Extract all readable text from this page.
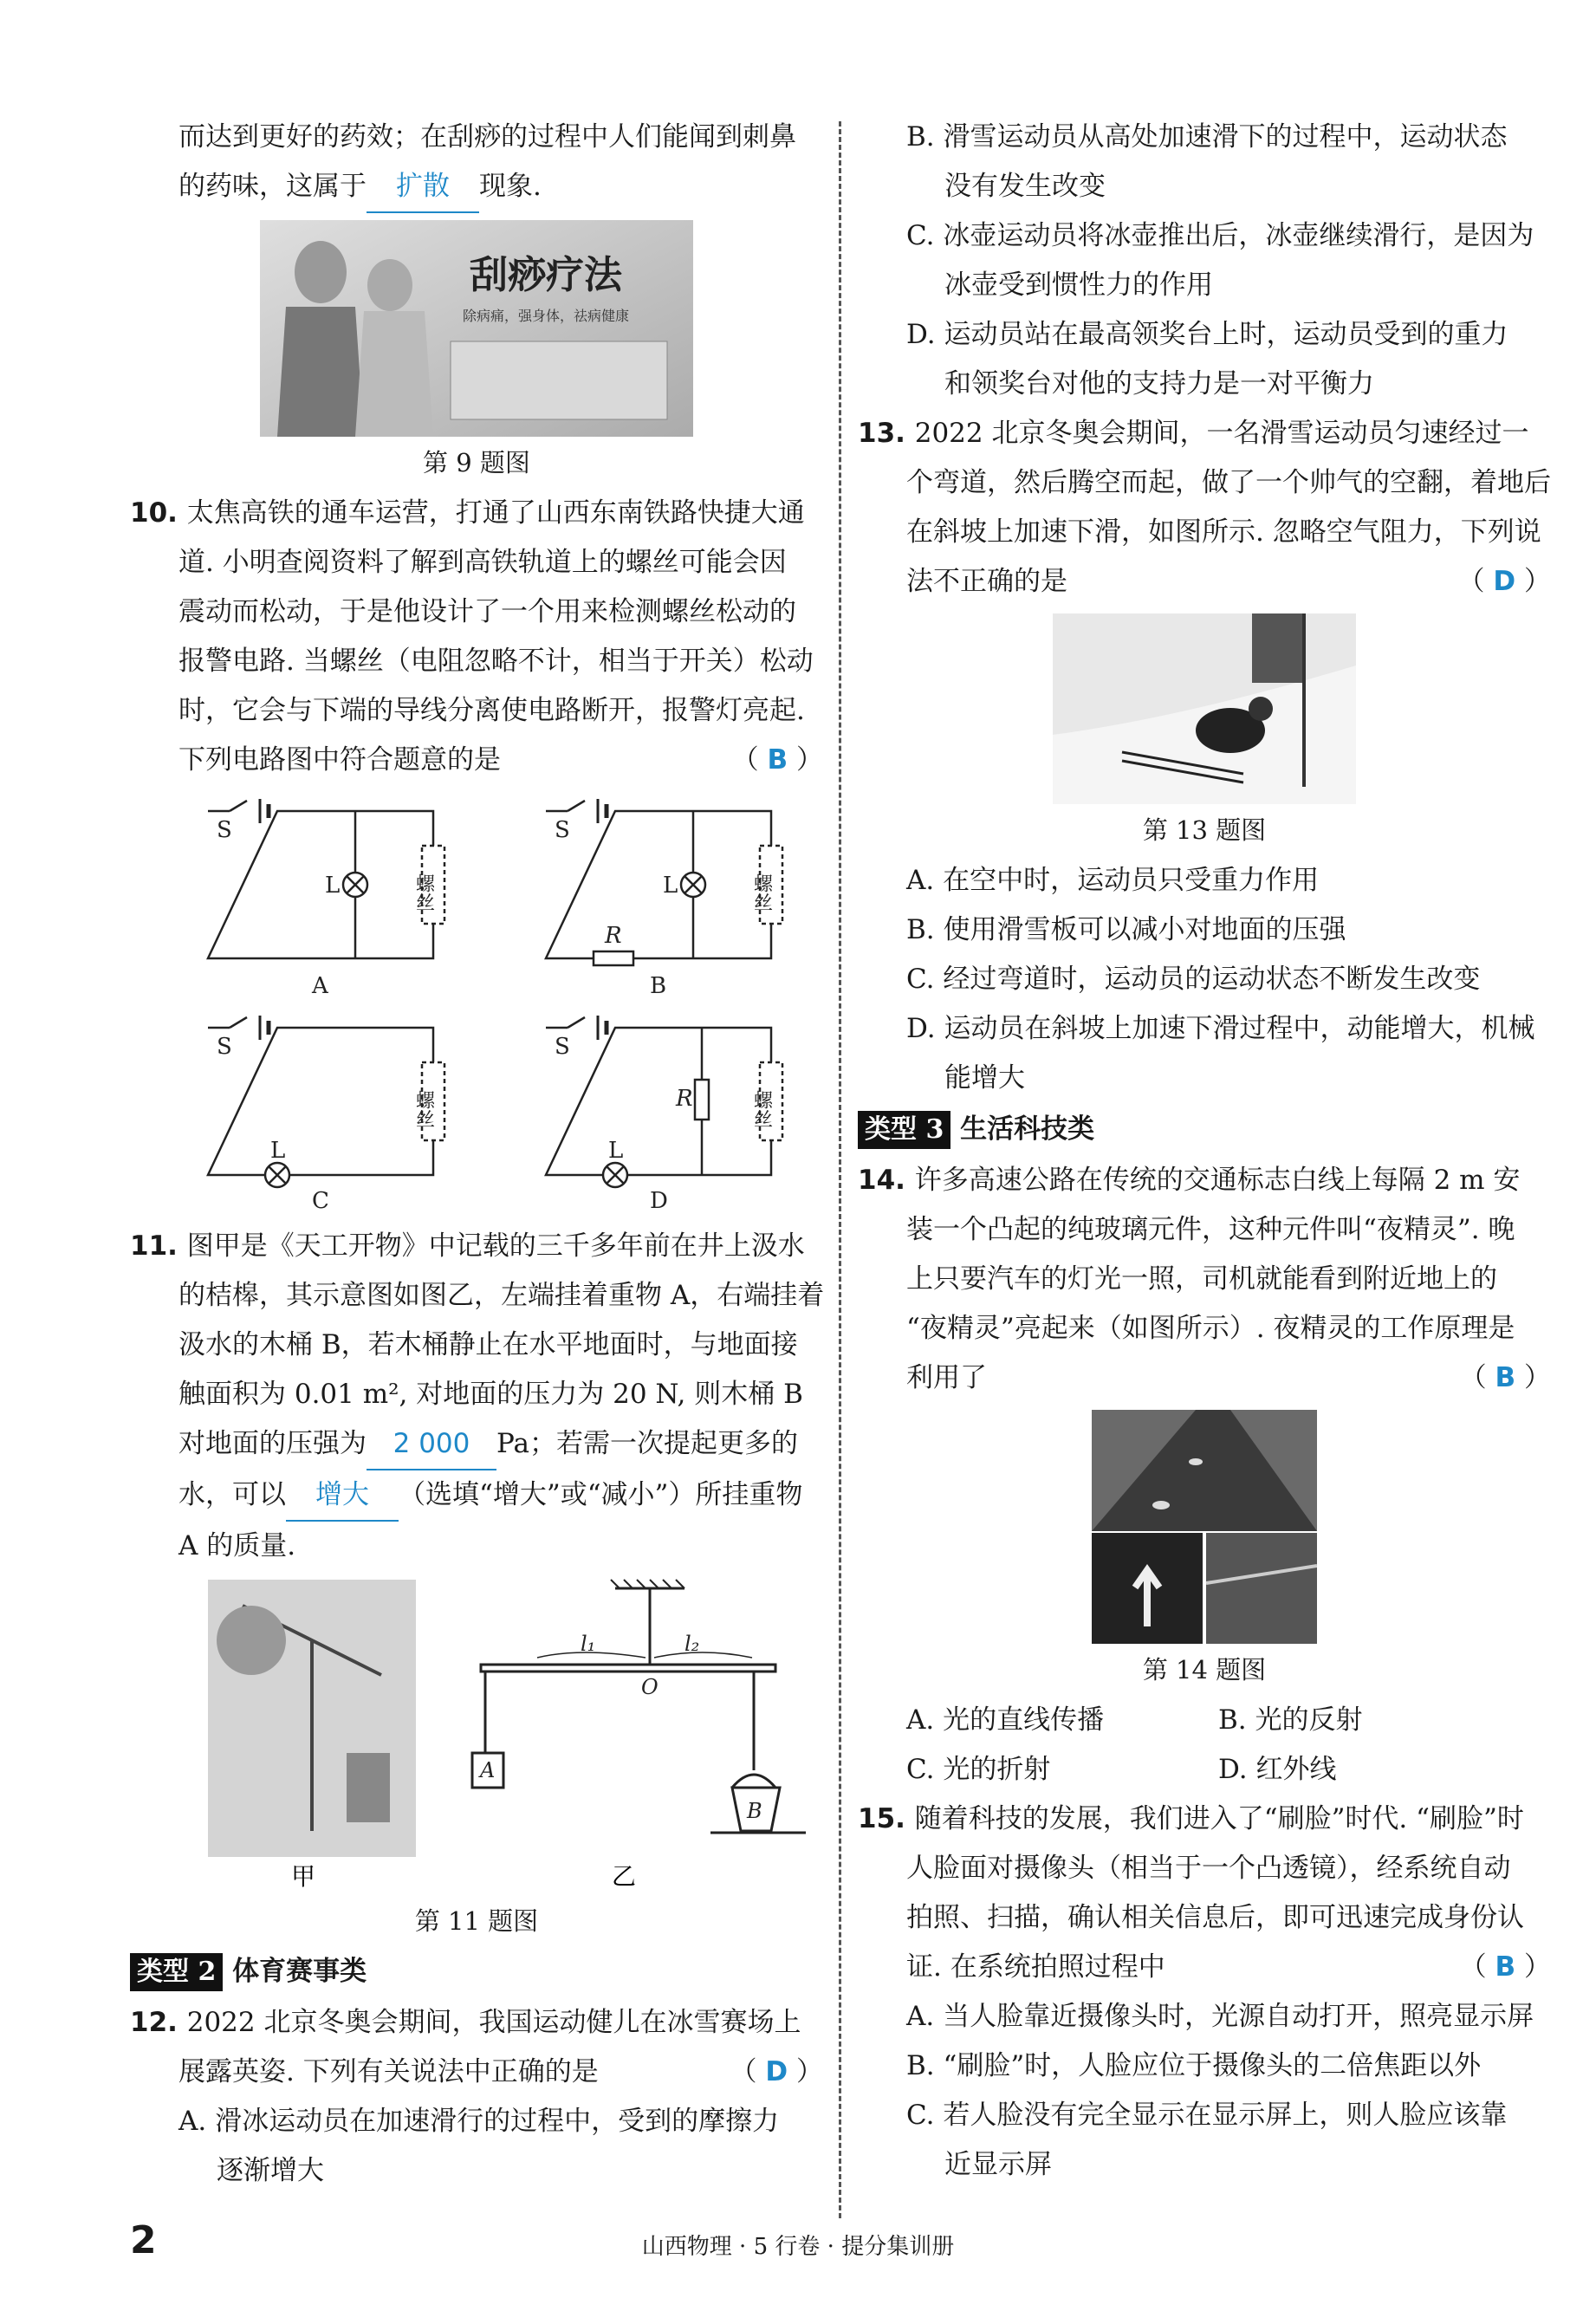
而达到更好的药效；在刮痧的过程中人们能闻到刺鼻

的药味，这属于 扩散 现象.

刮痧疗法
除病痛，强身体，祛病健康

第 9 题图

10. 太焦高铁的通车运营，打通了山西东南铁路快捷大通

道. 小明查阅资料了解到高铁轨道上的螺丝可能会因

震动而松动，于是他设计了一个用来检测螺丝松动的

报警电路. 当螺丝（电阻忽略不计，相当于开关）松动

时，它会与下端的导线分离使电路断开，报警灯亮起.

下列电路图中符合题意的是	（ B ）

S
L	螺丝
A
S
L	螺丝
R
B
S
L
螺丝
C
S
L
R	螺丝
D

11. 图甲是《天工开物》中记载的三千多年前在井上汲水

的桔槔，其示意图如图乙，左端挂着重物 A，右端挂着

汲水的木桶 B，若木桶静止在水平地面时，与地面接

触面积为 0.01 m², 对地面的压力为 20 N, 则木桶 B

对地面的压强为 2 000 Pa；若需一次提起更多的

水，可以 增大 （选填“增大”或“减小”）所挂重物

A 的质量.

l₁	l₂
O
A
B
甲	乙

第 11 题图

类型 2 体育赛事类

12. 2022 北京冬奥会期间，我国运动健儿在冰雪赛场上

展露英姿. 下列有关说法中正确的是	（ D ）

A. 滑冰运动员在加速滑行的过程中，受到的摩擦力

逐渐增大

B. 滑雪运动员从高处加速滑下的过程中，运动状态

没有发生改变

C. 冰壶运动员将冰壶推出后，冰壶继续滑行，是因为

冰壶受到惯性力的作用

D. 运动员站在最高领奖台上时，运动员受到的重力

和领奖台对他的支持力是一对平衡力

13. 2022 北京冬奥会期间，一名滑雪运动员匀速经过一

个弯道，然后腾空而起，做了一个帅气的空翻，着地后

在斜坡上加速下滑，如图所示. 忽略空气阻力，下列说

法不正确的是	（ D ）

第 13 题图

A. 在空中时，运动员只受重力作用

B. 使用滑雪板可以减小对地面的压强

C. 经过弯道时，运动员的运动状态不断发生改变

D. 运动员在斜坡上加速下滑过程中，动能增大，机械

能增大

类型 3 生活科技类

14. 许多高速公路在传统的交通标志白线上每隔 2 m 安

装一个凸起的纯玻璃元件，这种元件叫“夜精灵”. 晚

上只要汽车的灯光一照，司机就能看到附近地上的

“夜精灵”亮起来（如图所示）. 夜精灵的工作原理是

利用了	（ B ）

第 14 题图

A. 光的直线传播	B. 光的反射

C. 光的折射	D. 红外线

15. 随着科技的发展，我们进入了“刷脸”时代. “刷脸”时

人脸面对摄像头（相当于一个凸透镜），经系统自动

拍照、扫描，确认相关信息后，即可迅速完成身份认

证. 在系统拍照过程中	（ B ）

A. 当人脸靠近摄像头时，光源自动打开，照亮显示屏

B. “刷脸”时，人脸应位于摄像头的二倍焦距以外

C. 若人脸没有完全显示在显示屏上，则人脸应该靠

近显示屏

2	山西物理 · 5 行卷 · 提分集训册
